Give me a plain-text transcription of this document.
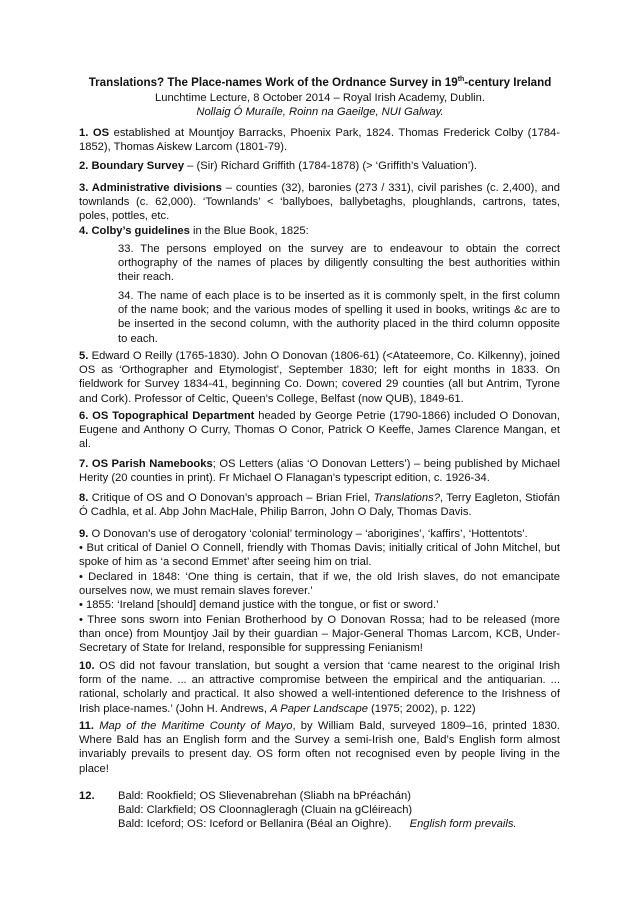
Translations? The Place-names Work of the Ordnance Survey in 19th-century Ireland
Lunchtime Lecture, 8 October 2014 – Royal Irish Academy, Dublin.
Nollaig Ó Muraíle, Roinn na Gaeilge, NUI Galway.
1. OS established at Mountjoy Barracks, Phoenix Park, 1824. Thomas Frederick Colby (1784-1852), Thomas Aiskew Larcom (1801-79).
2. Boundary Survey – (Sir) Richard Griffith (1784-1878) (> ‘Griffith’s Valuation’).
3. Administrative divisions – counties (32), baronies (273 / 331), civil parishes (c. 2,400), and townlands (c. 62,000). ‘Townlands’ < ‘ballyboes, ballybetaghs, ploughlands, cartrons, tates, poles, pottles, etc.
4. Colby’s guidelines in the Blue Book, 1825:
33. The persons employed on the survey are to endeavour to obtain the correct orthography of the names of places by diligently consulting the best authorities within their reach.
34. The name of each place is to be inserted as it is commonly spelt, in the first column of the name book; and the various modes of spelling it used in books, writings &c are to be inserted in the second column, with the authority placed in the third column opposite to each.
5. Edward O Reilly (1765-1830). John O Donovan (1806-61) (<Atateemore, Co. Kilkenny), joined OS as ‘Orthographer and Etymologist’, September 1830; left for eight months in 1833. On fieldwork for Survey 1834-41, beginning Co. Down; covered 29 counties (all but Antrim, Tyrone and Cork). Professor of Celtic, Queen’s College, Belfast (now QUB), 1849-61.
6. OS Topographical Department headed by George Petrie (1790-1866) included O Donovan, Eugene and Anthony O Curry, Thomas O Conor, Patrick O Keeffe, James Clarence Mangan, et al.
7. OS Parish Namebooks; OS Letters (alias ‘O Donovan Letters’) – being published by Michael Herity (20 counties in print). Fr Michael O Flanagan’s typescript edition, c. 1926-34.
8. Critique of OS and O Donovan’s approach – Brian Friel, Translations?, Terry Eagleton, Stiofán Ó Cadhla, et al. Abp John MacHale, Philip Barron, John O Daly, Thomas Davis.
9. O Donovan’s use of derogatory ‘colonial’ terminology – ‘aborigines’, ‘kaffirs’, ‘Hottentots’.
• But critical of Daniel O Connell, friendly with Thomas Davis; initially critical of John Mitchel, but spoke of him as ‘a second Emmet’ after seeing him on trial.
• Declared in 1848: ‘One thing is certain, that if we, the old Irish slaves, do not emancipate ourselves now, we must remain slaves forever.’
• 1855: ‘Ireland [should] demand justice with the tongue, or fist or sword.’
• Three sons sworn into Fenian Brotherhood by O Donovan Rossa; had to be released (more than once) from Mountjoy Jail by their guardian – Major-General Thomas Larcom, KCB, Under-Secretary of State for Ireland, responsible for suppressing Fenianism!
10. OS did not favour translation, but sought a version that ‘came nearest to the original Irish form of the name. ... an attractive compromise between the empirical and the antiquarian. ... rational, scholarly and practical. It also showed a well-intentioned deference to the Irishness of Irish place-names.’ (John H. Andrews, A Paper Landscape (1975; 2002), p. 122)
11. Map of the Maritime County of Mayo, by William Bald, surveyed 1809–16, printed 1830. Where Bald has an English form and the Survey a semi-Irish one, Bald’s English form almost invariably prevails to present day. OS form often not recognised even by people living in the place!
12. Bald: Rookfield; OS Slievenabrehan (Sliabh na bPréachán)
Bald: Clarkfield; OS Cloonnagleragh (Cluain na gCléireach)
Bald: Iceford; OS: Iceford or Bellanira (Béal an Oighre). English form prevails.
